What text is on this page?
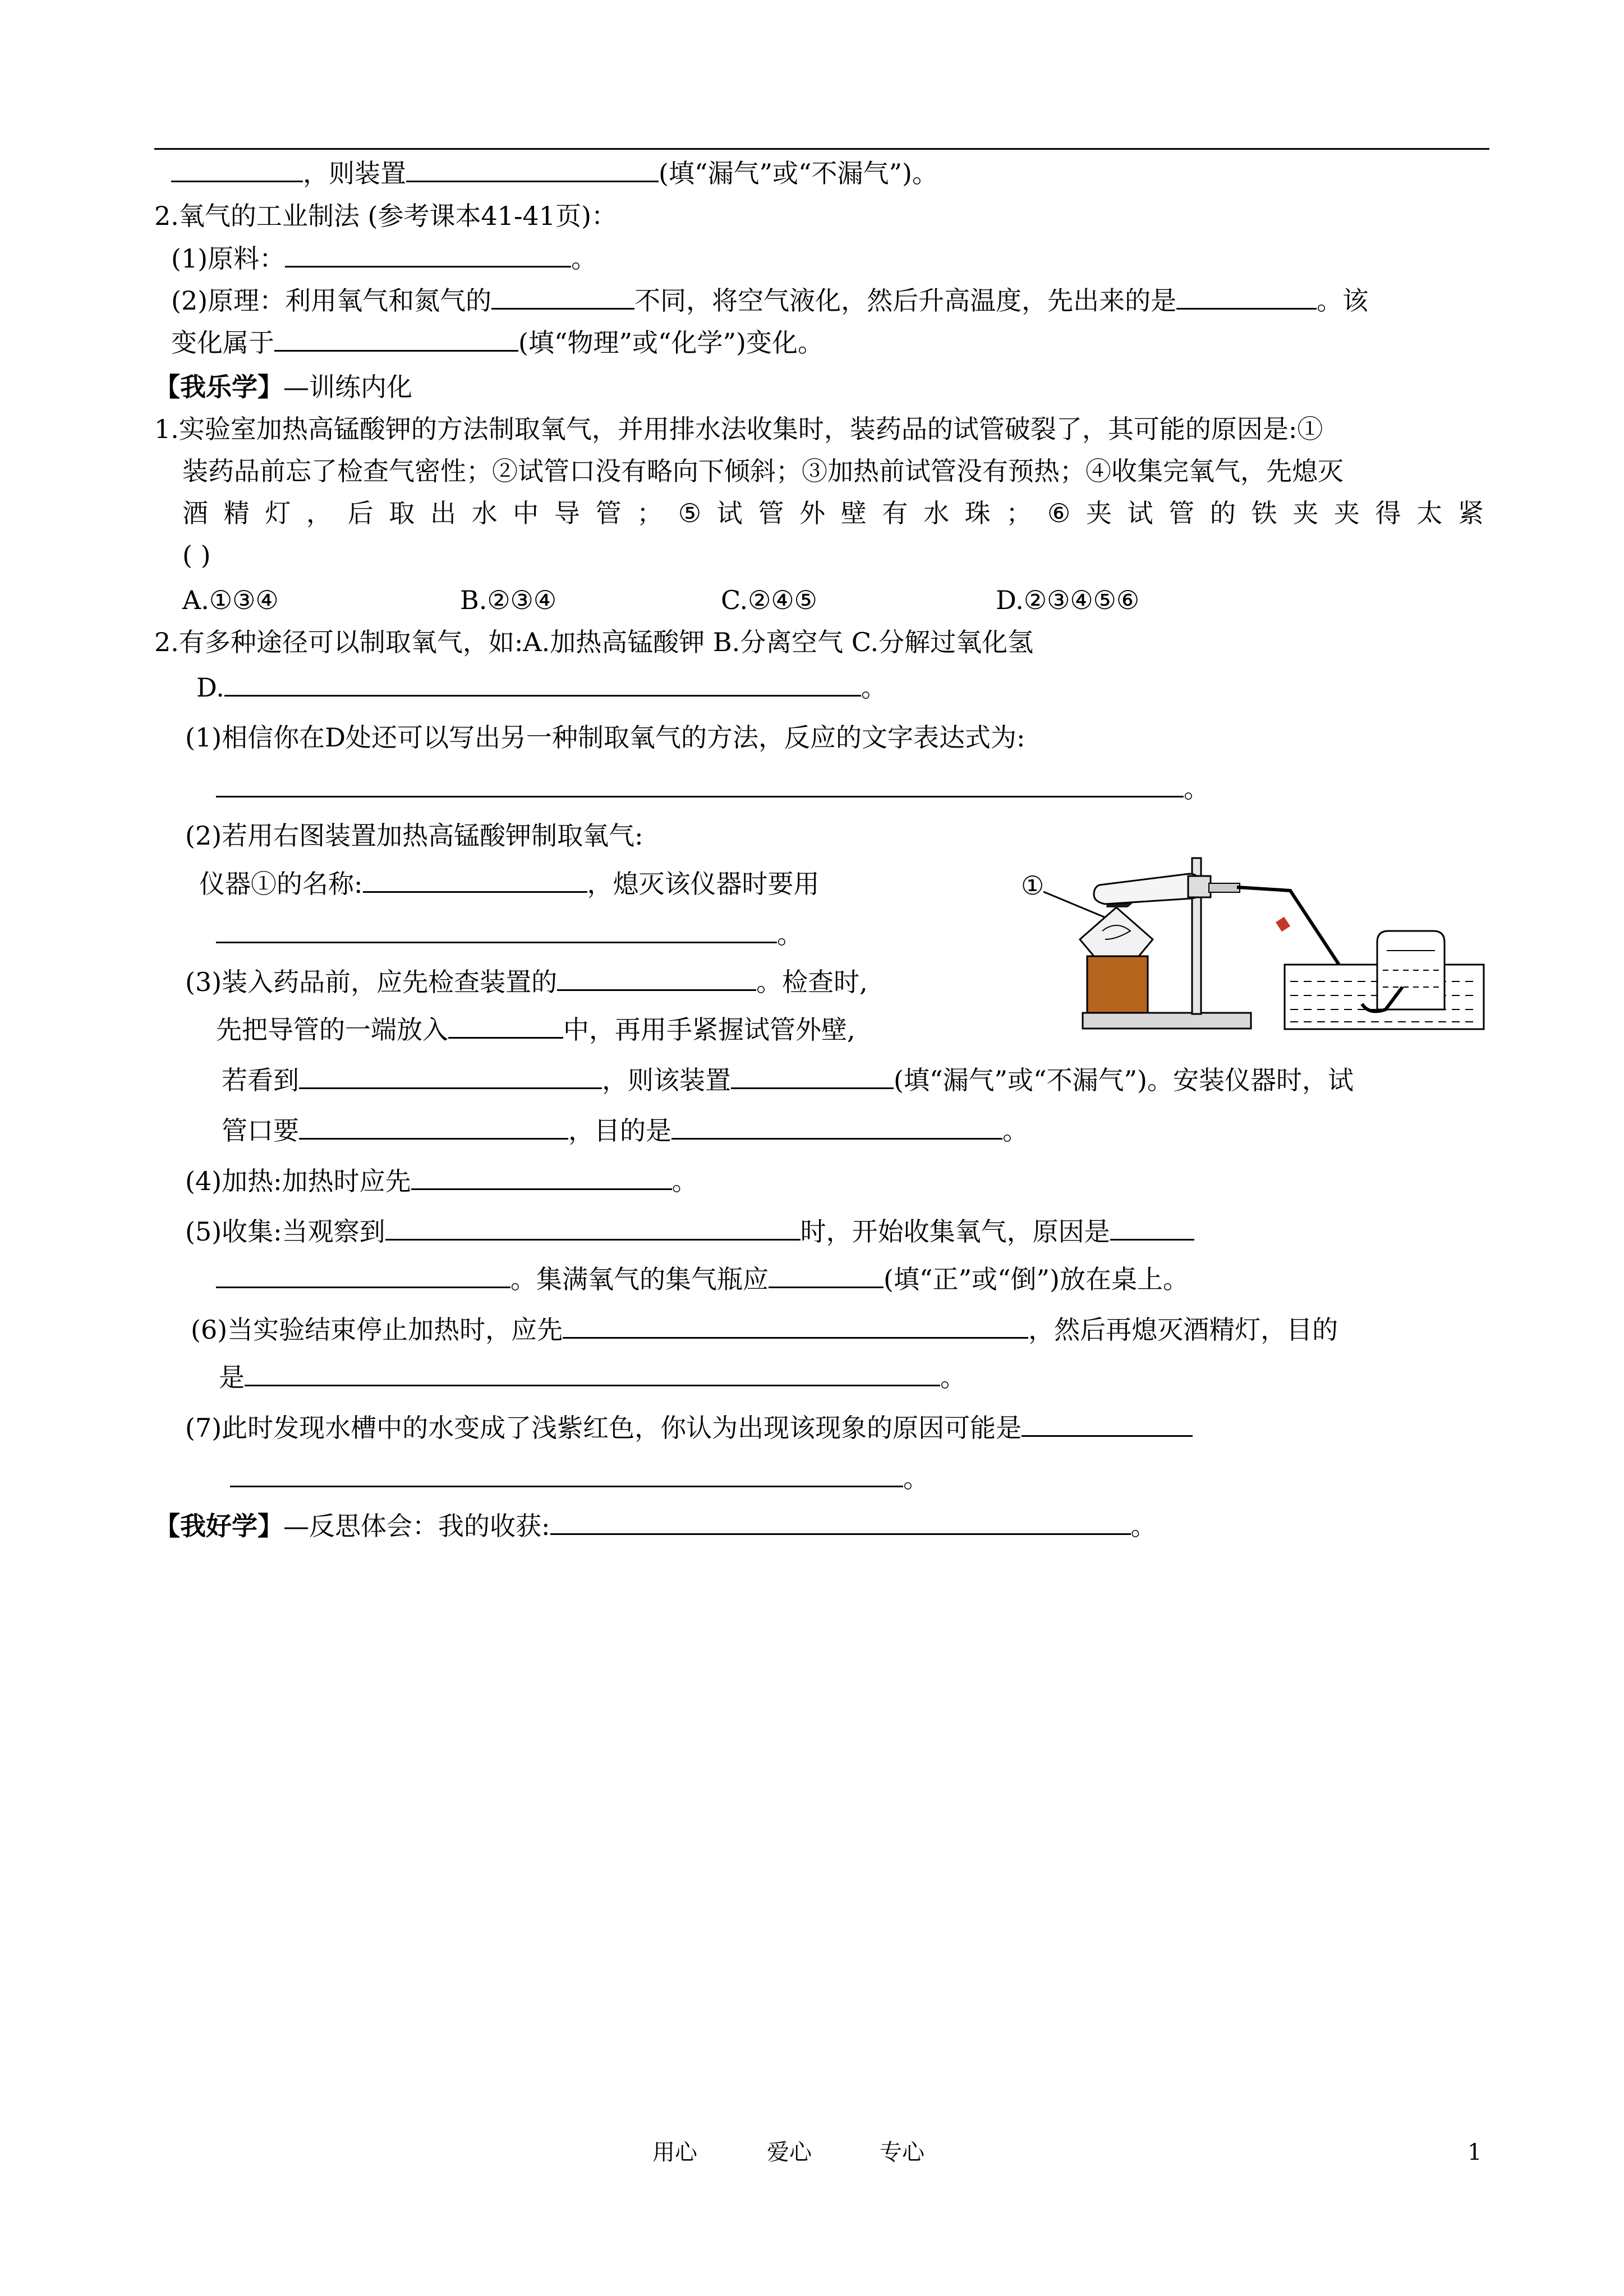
，则装置	(填“漏气”或“不漏气”)。
2.氧气的工业制法 (参考课本41-41页)：
(1)原料：	。
(2)原理：利用氧气和氮气的	不同，将空气液化，然后升高温度，先出来的是	。该
变化属于	(填“物理”或“化学”)变化。
【我乐学】—训练内化
1.实验室加热高锰酸钾的方法制取氧气，并用排水法收集时，装药品的试管破裂了，其可能的原因是:①
装药品前忘了检查气密性；②试管口没有略向下倾斜；③加热前试管没有预热；④收集完氧气，先熄灭
酒 精 灯 ， 后 取 出 水 中 导 管 ； ⑤ 试 管 外 壁 有 水 珠 ； ⑥ 夹 试 管 的 铁 夹 夹 得 太 紧
( )
A.①③④	B.②③④	C.②④⑤	D.②③④⑤⑥
2.有多种途径可以制取氧气，如:A.加热高锰酸钾 B.分离空气 C.分解过氧化氢
D.	。
(1)相信你在D处还可以写出另一种制取氧气的方法，反应的文字表达式为:
。
(2)若用右图装置加热高锰酸钾制取氧气:
仪器①的名称:	，熄灭该仪器时要用
。
(3)装入药品前，应先检查装置的	。检查时,
先把导管的一端放入	中，再用手紧握试管外壁,
若看到	，则该装置	(填“漏气”或“不漏气”)。安装仪器时，试
管口要	，目的是	。
(4)加热:加热时应先	。
(5)收集:当观察到	时，开始收集氧气，原因是
。集满氧气的集气瓶应	(填“正”或“倒”)放在桌上。
(6)当实验结束停止加热时，应先	，然后再熄灭酒精灯，目的
是	。
(7)此时发现水槽中的水变成了浅紫红色，你认为出现该现象的原因可能是
。
【我好学】—反思体会：我的收获:	。
①
用心	爱心	专心	1
